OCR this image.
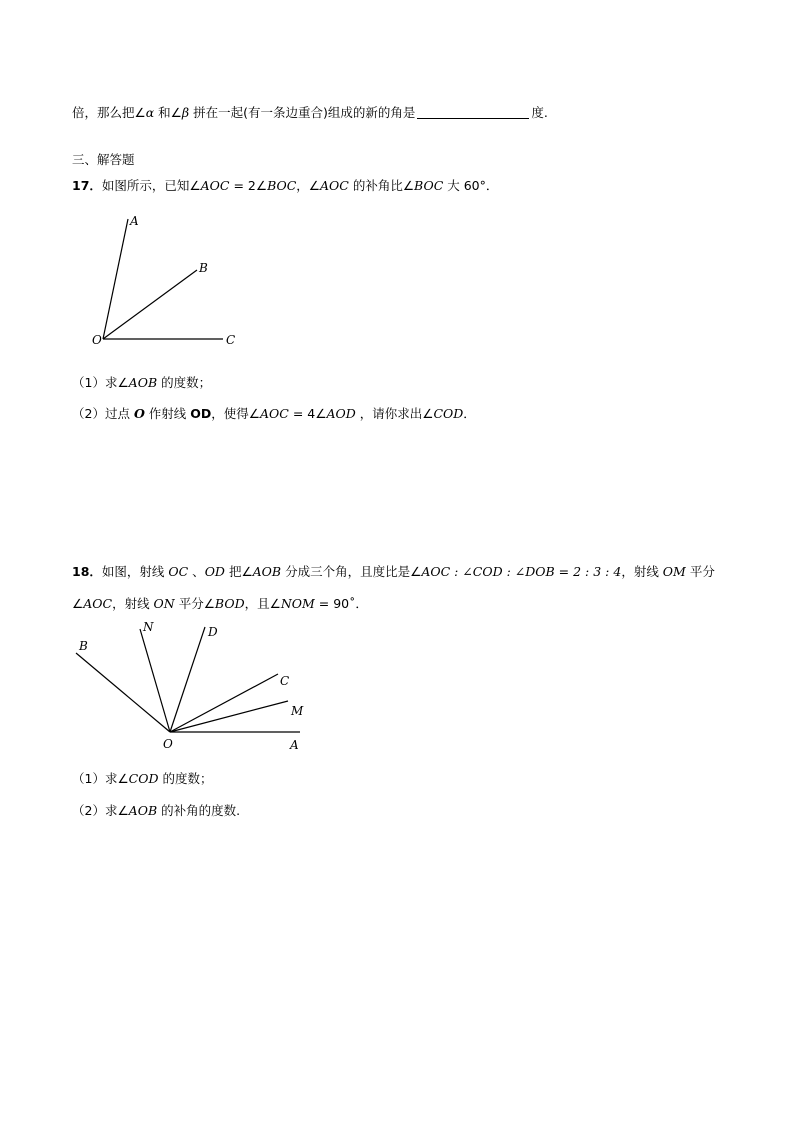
倍，那么把∠α 和∠β 拼在一起(有一条边重合)组成的新的角是	度.
三、解答题
17．如图所示，已知∠AOC = 2∠BOC，∠AOC 的补角比∠BOC 大 60°．
A
B
O	C
（1）求∠AOB 的度数；
（2）过点 O 作射线 OD，使得∠AOC = 4∠AOD ，请你求出∠COD．
18．如图，射线 OC 、OD 把∠AOB 分成三个角，且度比是∠AOC : ∠COD : ∠DOB = 2 : 3 : 4，射线 OM 平分
∠AOC，射线 ON 平分∠BOD，且∠NOM = 90˚．
B
N	D
C
M
O	A
（1）求∠COD 的度数；
（2）求∠AOB 的补角的度数.
